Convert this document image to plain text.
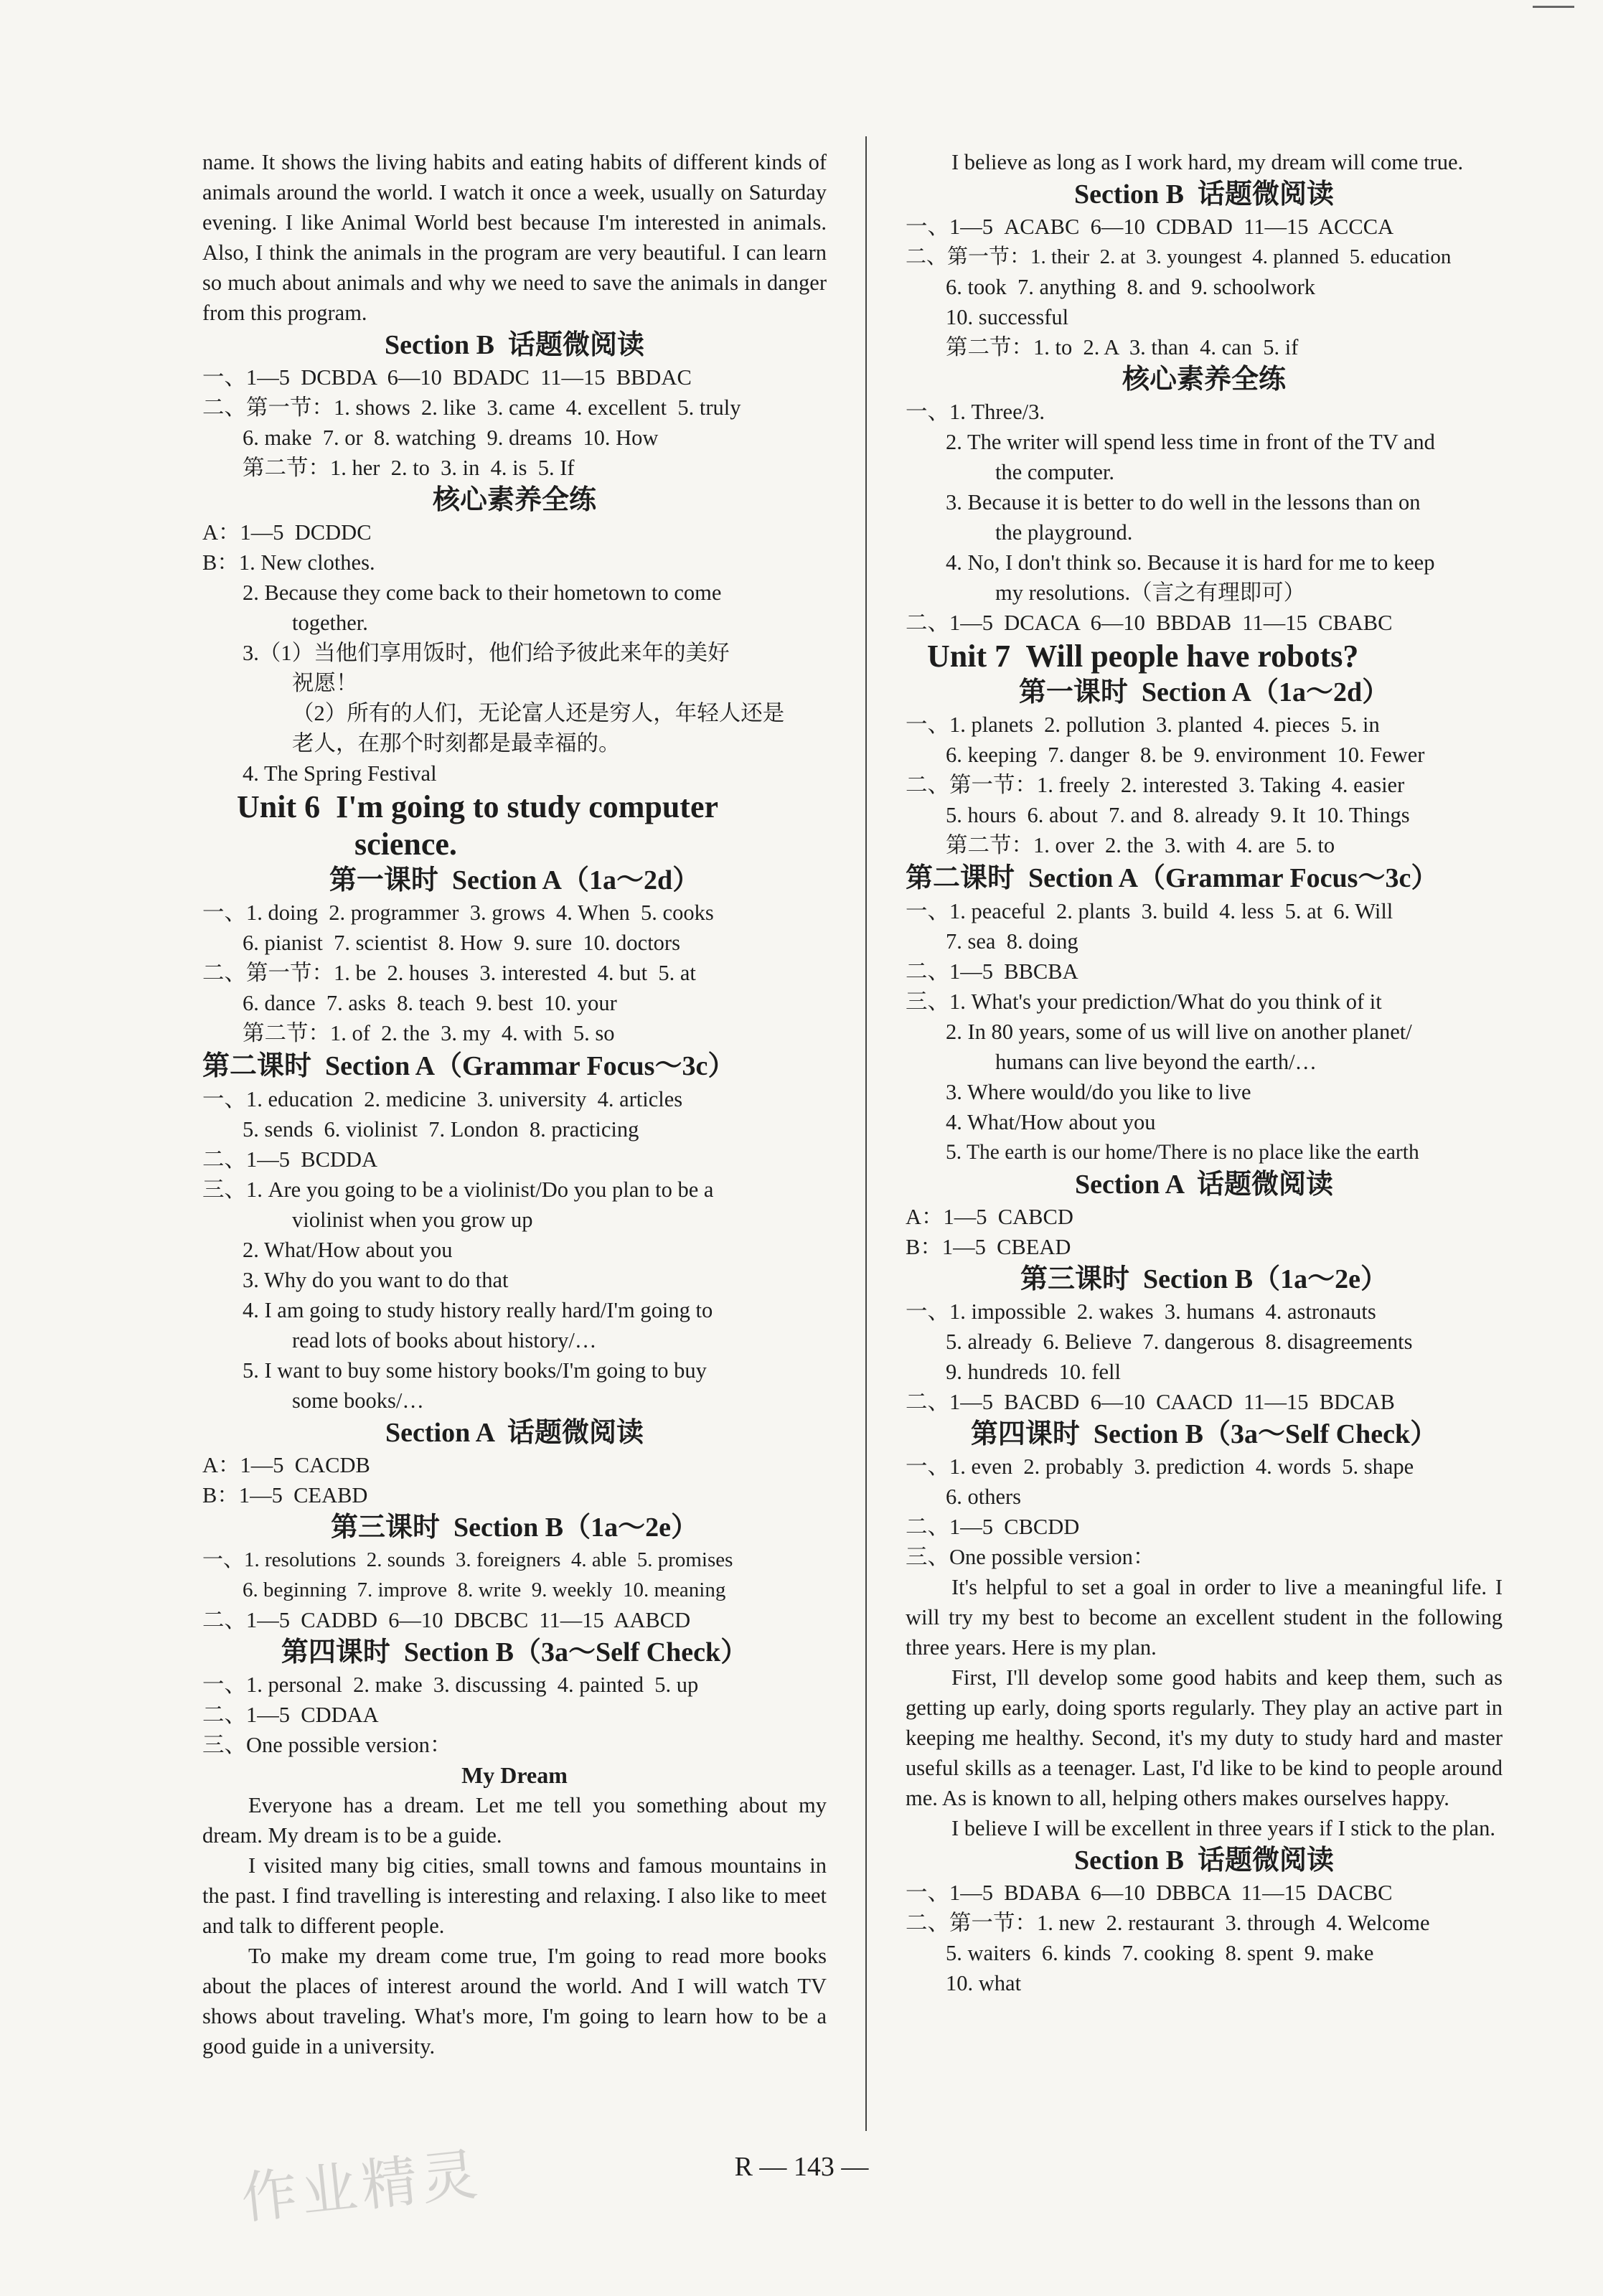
name. It shows the living habits and eating habits of different kinds of animals around the world. I watch it once a week, usually on Saturday evening. I like Animal World best because I'm interested in animals. Also, I think the animals in the program are very beautiful. I can learn so much about animals and why we need to save the animals in danger from this program.
Section B  话题微阅读
一、1—5  DCBDA  6—10  BDADC  11—15  BBDAC
二、第一节：1. shows  2. like  3. came  4. excellent  5. truly
6. make  7. or  8. watching  9. dreams  10. How
第二节：1. her  2. to  3. in  4. is  5. If
核心素养全练
A：1—5  DCDDC
B：1. New clothes.
2. Because they come back to their hometown to come
together.
3.（1）当他们享用饭时，他们给予彼此来年的美好
祝愿！
（2）所有的人们，无论富人还是穷人，年轻人还是
老人，在那个时刻都是最幸福的。
4. The Spring Festival
Unit 6  I'm going to study computer
science.
第一课时  Section A（1a～2d）
一、1. doing  2. programmer  3. grows  4. When  5. cooks
6. pianist  7. scientist  8. How  9. sure  10. doctors
二、第一节：1. be  2. houses  3. interested  4. but  5. at
6. dance  7. asks  8. teach  9. best  10. your
第二节：1. of  2. the  3. my  4. with  5. so
第二课时  Section A（Grammar Focus～3c）
一、1. education  2. medicine  3. university  4. articles
5. sends  6. violinist  7. London  8. practicing
二、1—5  BCDDA
三、1. Are you going to be a violinist/Do you plan to be a
violinist when you grow up
2. What/How about you
3. Why do you want to do that
4. I am going to study history really hard/I'm going to
read lots of books about history/…
5. I want to buy some history books/I'm going to buy
some books/…
Section A  话题微阅读
A：1—5  CACDB
B：1—5  CEABD
第三课时  Section B（1a～2e）
一、1. resolutions  2. sounds  3. foreigners  4. able  5. promises
6. beginning  7. improve  8. write  9. weekly  10. meaning
二、1—5  CADBD  6—10  DBCBC  11—15  AABCD
第四课时  Section B（3a～Self Check）
一、1. personal  2. make  3. discussing  4. painted  5. up
二、1—5  CDDAA
三、One possible version：
My Dream

Everyone has a dream. Let me tell you something about my dream. My dream is to be a guide.

I visited many big cities, small towns and famous mountains in the past. I find travelling is interesting and relaxing. I also like to meet and talk to different people.

To make my dream come true, I'm going to read more books about the places of interest around the world. And I will watch TV shows about traveling. What's more, I'm going to learn how to be a good guide in a university.

I believe as long as I work hard, my dream will come true.

Section B  话题微阅读
一、1—5  ACABC  6—10  CDBAD  11—15  ACCCA
二、第一节：1. their  2. at  3. youngest  4. planned  5. education
6. took  7. anything  8. and  9. schoolwork
10. successful
第二节：1. to  2. A  3. than  4. can  5. if
核心素养全练
一、1. Three/3.
2. The writer will spend less time in front of the TV and
the computer.
3. Because it is better to do well in the lessons than on
the playground.
4. No, I don't think so. Because it is hard for me to keep
my resolutions.（言之有理即可）
二、1—5  DCACA  6—10  BBDAB  11—15  CBABC
Unit 7  Will people have robots?
第一课时  Section A（1a～2d）
一、1. planets  2. pollution  3. planted  4. pieces  5. in
6. keeping  7. danger  8. be  9. environment  10. Fewer
二、第一节：1. freely  2. interested  3. Taking  4. easier
5. hours  6. about  7. and  8. already  9. It  10. Things
第二节：1. over  2. the  3. with  4. are  5. to
第二课时  Section A（Grammar Focus～3c）
一、1. peaceful  2. plants  3. build  4. less  5. at  6. Will
7. sea  8. doing
二、1—5  BBCBA
三、1. What's your prediction/What do you think of it
2. In 80 years, some of us will live on another planet/
humans can live beyond the earth/…
3. Where would/do you like to live
4. What/How about you
5. The earth is our home/There is no place like the earth
Section A  话题微阅读
A：1—5  CABCD
B：1—5  CBEAD
第三课时  Section B（1a～2e）
一、1. impossible  2. wakes  3. humans  4. astronauts
5. already  6. Believe  7. dangerous  8. disagreements
9. hundreds  10. fell
二、1—5  BACBD  6—10  CAACD  11—15  BDCAB
第四课时  Section B（3a～Self Check）
一、1. even  2. probably  3. prediction  4. words  5. shape
6. others
二、1—5  CBCDD
三、One possible version：

It's helpful to set a goal in order to live a meaningful life. I will try my best to become an excellent student in the following three years. Here is my plan.

First, I'll develop some good habits and keep them, such as getting up early, doing sports regularly. They play an active part in keeping me healthy. Second, it's my duty to study hard and master useful skills as a teenager. Last, I'd like to be kind to people around me. As is known to all, helping others makes ourselves happy.

I believe I will be excellent in three years if I stick to the plan.

Section B  话题微阅读
一、1—5  BDABA  6—10  DBBCA  11—15  DACBC
二、第一节：1. new  2. restaurant  3. through  4. Welcome
5. waiters  6. kinds  7. cooking  8. spent  9. make
10. what
作业精灵	R — 143 —
